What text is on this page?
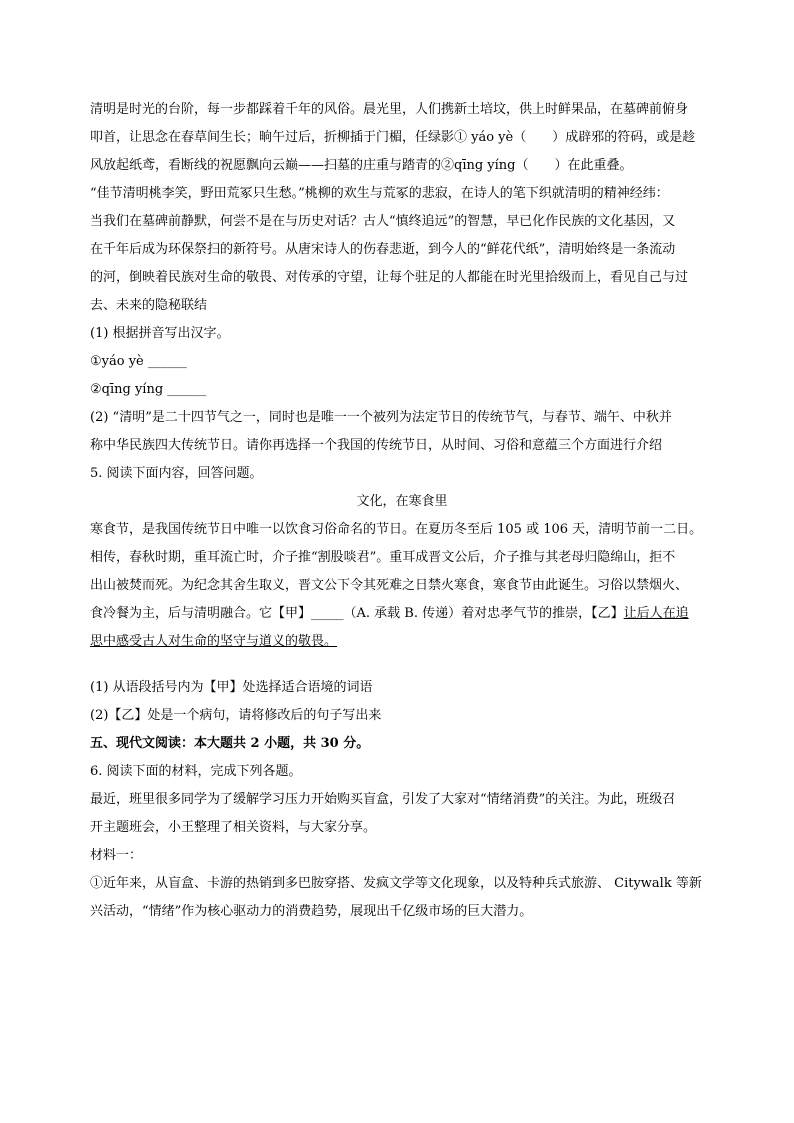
清明是时光的台阶，每一步都踩着千年的风俗。晨光里，人们携新土培坟，供上时鲜果品，在墓碑前俯身

叩首，让思念在春草间生长；晌午过后，折柳插于门楣，任绿影① yáo yè（ ）成辟邪的符码，或是趁

风放起纸鸢，看断线的祝愿飘向云巅——扫墓的庄重与踏青的②qīng yíng（ ）在此重叠。

“佳节清明桃李笑，野田荒冢只生愁。”桃柳的欢生与荒冢的悲寂，在诗人的笔下织就清明的精神经纬：

当我们在墓碑前静默，何尝不是在与历史对话？古人“慎终追远”的智慧，早已化作民族的文化基因，又

在千年后成为环保祭扫的新符号。从唐宋诗人的伤春悲逝，到今人的“鲜花代纸”，清明始终是一条流动

的河，倒映着民族对生命的敬畏、对传承的守望，让每个驻足的人都能在时光里拾级而上，看见自己与过

去、未来的隐秘联结

(1) 根据拼音写出汉字。

①yáo yè ______

②qīng yíng ______

(2) “清明”是二十四节气之一，同时也是唯一一个被列为法定节日的传统节气，与春节、端午、中秋并

称中华民族四大传统节日。请你再选择一个我国的传统节日，从时间、习俗和意蕴三个方面进行介绍

5. 阅读下面内容，回答问题。

文化，在寒食里

寒食节，是我国传统节日中唯一以饮食习俗命名的节日。在夏历冬至后 105 或 106 天，清明节前一二日。

相传，春秋时期，重耳流亡时，介子推“割股啖君”。重耳成晋文公后，介子推与其老母归隐绵山，拒不

出山被焚而死。为纪念其舍生取义，晋文公下令其死难之日禁火寒食，寒食节由此诞生。习俗以禁烟火、

食冷餐为主，后与清明融合。它【甲】_____（A. 承载 B. 传递）着对忠孝气节的推崇，【乙】让后人在追

思中感受古人对生命的坚守与道义的敬畏。

(1) 从语段括号内为【甲】处选择适合语境的词语

(2)【乙】处是一个病句，请将修改后的句子写出来

五、现代文阅读：本大题共 2 小题，共 30 分。

6. 阅读下面的材料，完成下列各题。

最近，班里很多同学为了缓解学习压力开始购买盲盒，引发了大家对“情绪消费”的关注。为此，班级召

开主题班会，小王整理了相关资料，与大家分享。

材料一：

①近年来，从盲盒、卡游的热销到多巴胺穿搭、发疯文学等文化现象，以及特种兵式旅游、 Citywalk 等新

兴活动，“情绪”作为核心驱动力的消费趋势，展现出千亿级市场的巨大潜力。
